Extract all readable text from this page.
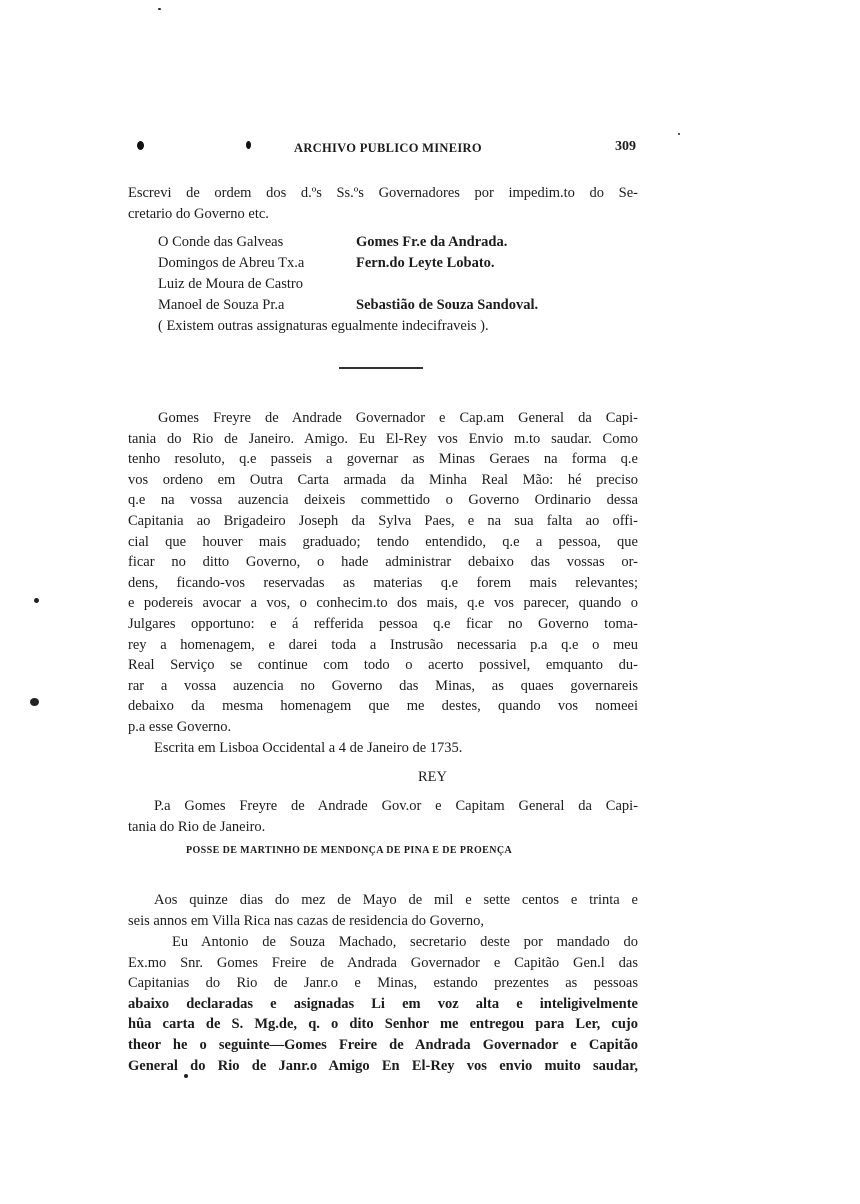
ARCHIVO PUBLICO MINEIRO	309
Escrevi de ordem dos d.ºs Ss.ºs Governadores por impedim.to do Se-
cretario do Governo etc.
O Conde das Galveas	Gomes Fr.e da Andrada.
Domingos de Abreu Tx.a	Fern.do Leyte Lobato.
Luiz de Moura de Castro
Manoel de Souza Pr.a	Sebastião de Souza Sandoval.
( Existem outras assignaturas egualmente indecifraveis ).
Gomes Freyre de Andrade Governador e Cap.am General da Capi-
tania do Rio de Janeiro. Amigo. Eu El-Rey vos Envio m.to saudar. Como
tenho resoluto, q.e passeis a governar as Minas Geraes na forma q.e
vos ordeno em Outra Carta armada da Minha Real Mão: hé preciso
q.e na vossa auzencia deixeis commettido o Governo Ordinario dessa
Capitania ao Brigadeiro Joseph da Sylva Paes, e na sua falta ao offi-
cial que houver mais graduado; tendo entendido, q.e a pessoa, que
ficar no ditto Governo, o hade administrar debaixo das vossas or-
dens, ficando-vos reservadas as materias q.e forem mais relevantes;
e podereis avocar a vos, o conhecim.to dos mais, q.e vos parecer, quando o
Julgares opportuno: e á refferida pessoa q.e ficar no Governo toma-
rey a homenagem, e darei toda a Instrusão necessaria p.a q.e o meu
Real Serviço se continue com todo o acerto possivel, emquanto du-
rar a vossa auzencia no Governo das Minas, as quaes governareis
debaixo da mesma homenagem que me destes, quando vos nomeei
p.a esse Governo.
Escrita em Lisboa Occidental a 4 de Janeiro de 1735.
REY
P.a Gomes Freyre de Andrade Gov.or e Capitam General da Capi-
tania do Rio de Janeiro.
POSSE DE MARTINHO DE MENDONÇA DE PINA E DE PROENÇA
Aos quinze dias do mez de Mayo de mil e sette centos e trinta e
seis annos em Villa Rica nas cazas de residencia do Governo,
Eu Antonio de Souza Machado, secretario deste por mandado do
Ex.mo Snr. Gomes Freire de Andrada Governador e Capitão Gen.l das
Capitanias do Rio de Janr.o e Minas, estando prezentes as pessoas
abaixo declaradas e asignadas Li em voz alta e inteligivelmente
hûa carta de S. Mg.de, q. o dito Senhor me entregou para Ler, cujo
theor he o seguinte—Gomes Freire de Andrada Governador e Capitão
General do Rio de Janr.o Amigo En El-Rey vos envio muito saudar,
